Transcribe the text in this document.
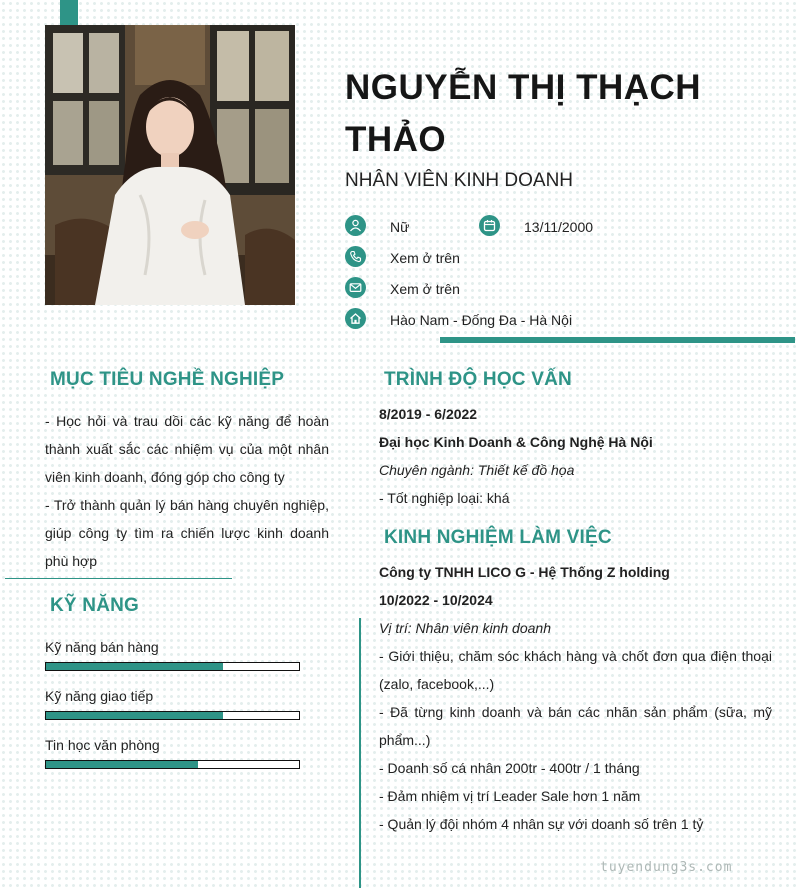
NGUYỄN THỊ THẠCH THẢO
NHÂN VIÊN KINH DOANH
Nữ	13/11/2000
Xem ở trên
Xem ở trên
Hào Nam - Đống Đa - Hà Nội
MỤC TIÊU NGHỀ NGHIỆP

- Học hỏi và trau dồi các kỹ năng để hoàn thành xuất sắc các nhiệm vụ của một nhân viên kinh doanh, đóng góp cho công ty

- Trở thành quản lý bán hàng chuyên nghiệp, giúp công ty tìm ra chiến lược kinh doanh phù hợp

KỸ NĂNG
Kỹ năng bán hàng
Kỹ năng giao tiếp
Tin học văn phòng
TRÌNH ĐỘ HỌC VẤN
8/2019 - 6/2022
Đại học Kinh Doanh & Công Nghệ Hà Nội
Chuyên ngành: Thiết kế đồ họa
- Tốt nghiệp loại: khá
KINH NGHIỆM LÀM VIỆC
Công ty TNHH LICO G - Hệ Thống Z holding
10/2022 - 10/2024
Vị trí: Nhân viên kinh doanh
- Giới thiệu, chăm sóc khách hàng và chốt đơn qua điện thoại (zalo, facebook,...)
- Đã từng kinh doanh và bán các nhãn sản phẩm (sữa, mỹ phẩm...)
- Doanh số cá nhân 200tr - 400tr / 1 tháng
- Đảm nhiệm vị trí Leader Sale hơn 1 năm
- Quản lý đội nhóm 4 nhân sự với doanh số trên 1 tỷ
tuyendung3s.com
